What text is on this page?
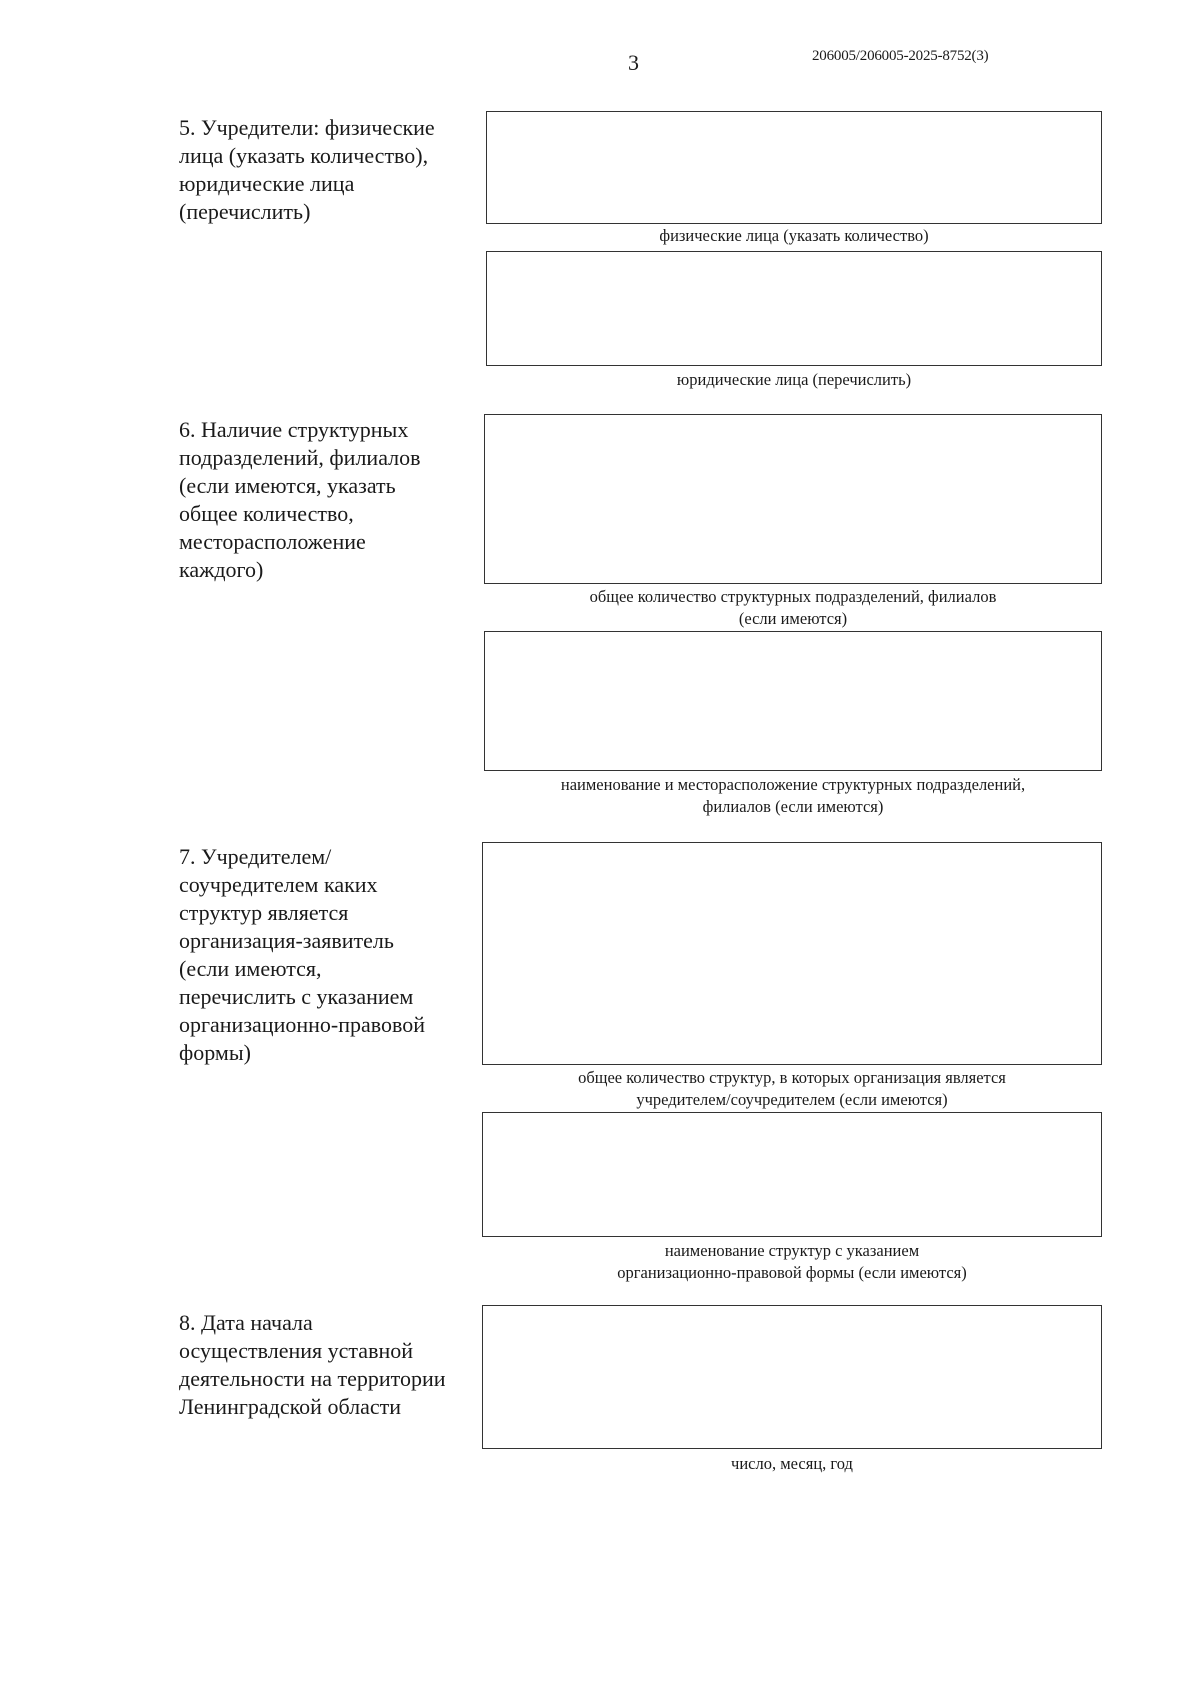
3	206005/206005-2025-8752(3)
5. Учредители: физические
лица (указать количество),
юридические лица
(перечислить)
физические лица (указать количество)
юридические лица (перечислить)
6. Наличие структурных
подразделений, филиалов
(если имеются, указать
общее количество,
месторасположение
каждого)
общее количество структурных подразделений, филиалов
(если имеются)
наименование и месторасположение структурных подразделений,
филиалов (если имеются)
7. Учредителем/
соучредителем каких
структур является
организация-заявитель
(если имеются,
перечислить с указанием
организационно-правовой
формы)
общее количество структур, в которых организация является
учредителем/соучредителем (если имеются)
наименование структур с указанием
организационно-правовой формы (если имеются)
8. Дата начала
осуществления уставной
деятельности на территории
Ленинградской области
число, месяц, год
